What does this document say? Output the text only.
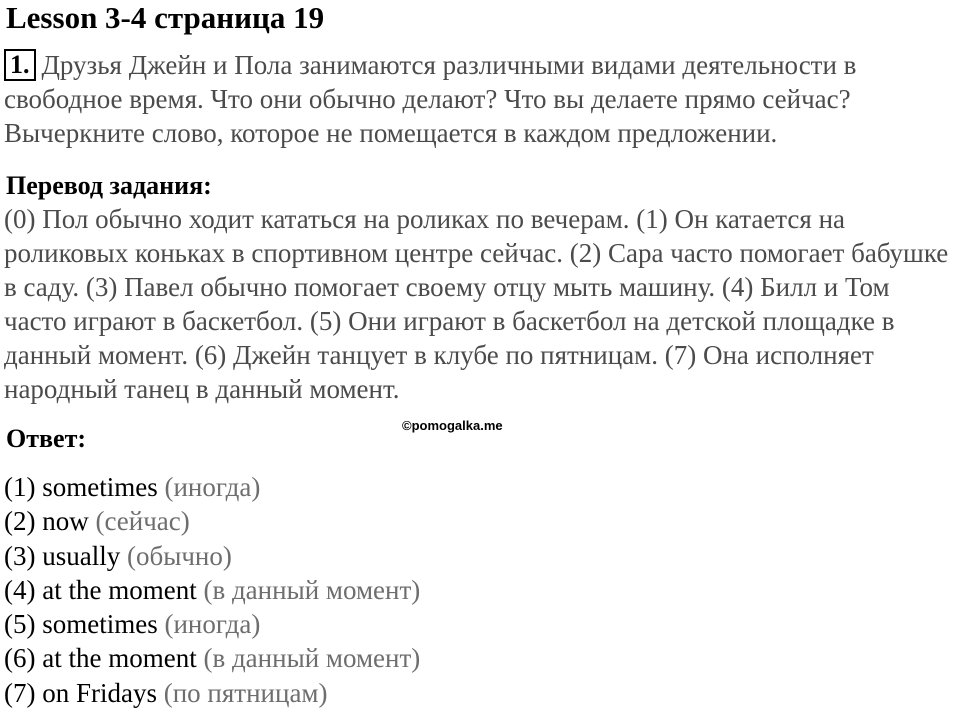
Lesson 3-4 страница 19
1. Друзья Джейн и Пола занимаются различными видами деятельности в свободное время. Что они обычно делают? Что вы делаете прямо сейчас? Вычеркните слово, которое не помещается в каждом предложении.
Перевод задания:
(0) Пол обычно ходит кататься на роликах по вечерам. (1) Он катается на роликовых коньках в спортивном центре сейчас. (2) Сара часто помогает бабушке в саду. (3) Павел обычно помогает своему отцу мыть машину. (4) Билл и Том часто играют в баскетбол. (5) Они играют в баскетбол на детской площадке в данный момент. (6) Джейн танцует в клубе по пятницам. (7) Она исполняет народный танец в данный момент.
Ответ:	©pomogalka.me
(1) sometimes (иногда)
(2) now (сейчас)
(3) usually (обычно)
(4) at the moment (в данный момент)
(5) sometimes (иногда)
(6) at the moment (в данный момент)
(7) on Fridays (по пятницам)
